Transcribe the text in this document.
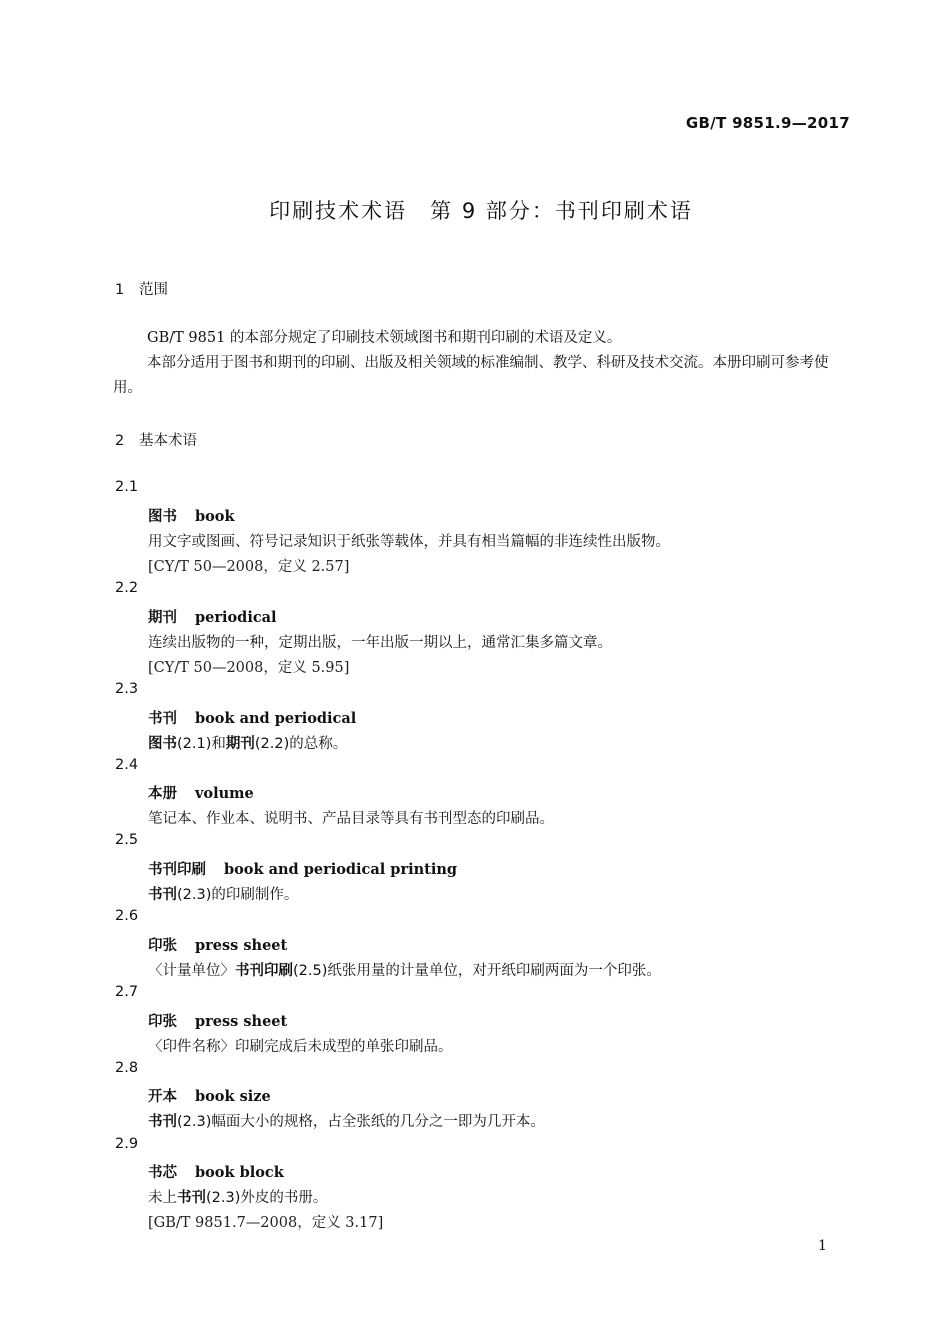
GB/T 9851.9—2017
印刷技术术语　第 9 部分：书刊印刷术语
1 范围

GB/T 9851 的本部分规定了印刷技术领域图书和期刊印刷的术语及定义。

本部分适用于图书和期刊的印刷、出版及相关领域的标准编制、教学、科研及技术交流。本册印刷可参考使用。

2 基本术语
2.1
图书 book
用文字或图画、符号记录知识于纸张等载体，并具有相当篇幅的非连续性出版物。
[CY/T 50—2008，定义 2.57]
2.2
期刊 periodical
连续出版物的一种，定期出版，一年出版一期以上，通常汇集多篇文章。
[CY/T 50—2008，定义 5.95]
2.3
书刊 book and periodical
图书(2.1)和期刊(2.2)的总称。
2.4
本册 volume
笔记本、作业本、说明书、产品目录等具有书刊型态的印刷品。
2.5
书刊印刷 book and periodical printing
书刊(2.3)的印刷制作。
2.6
印张 press sheet
〈计量单位〉书刊印刷(2.5)纸张用量的计量单位，对开纸印刷两面为一个印张。
2.7
印张 press sheet
〈印件名称〉印刷完成后未成型的单张印刷品。
2.8
开本 book size
书刊(2.3)幅面大小的规格，占全张纸的几分之一即为几开本。
2.9
书芯 book block
未上书刊(2.3)外皮的书册。
[GB/T 9851.7—2008，定义 3.17]
1
